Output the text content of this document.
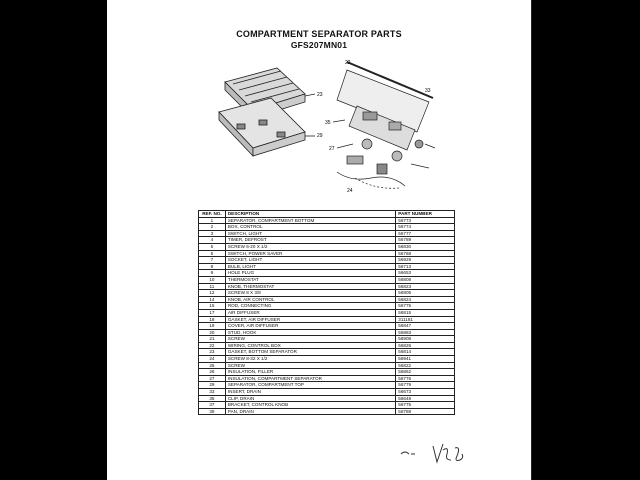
COMPARTMENT SEPARATOR PARTS
GFS207MN01
23
29
22
33
35
27
24
REF. NO.	DESCRIPTION	PART NUMBER
1	SEPARATOR, COMPARTMENT BOTTOM	56773
2	BOX, CONTROL	56774
3	SWITCH, LIGHT	56777
4	TIMER, DEFROST	56789
5	SCREW 6-20 X 1/2	56830
5	SWITCH, POWER SAVER	56768
7	SOCKET, LIGHT	56929
8	BULB, LIGHT	56713
9	HOLE PLUG	56653
10	THERMOSTAT	56808
11	KNOB, THERMOSTAT	56823
12	SCREW 8 X 3/8	56805
14	KNOB, AIR CONTROL	56824
15	ROD, CONNECTING	56775
17	AIR DIFFUSER	56815
18	GASKET, AIR DIFFUSER	311181
19	COVER, AIR DIFFUSER	56847
20	STUD, HOOK	56883
21	SCREW	56908
22	WIRING, CONTROL BOX	56826
23	GASKET, BOTTOM SEPARATOR	56814
24	SCREW 8-32 X 1/2	56941
25	SCREW	56822
26	INSULATION, FILLER	56862
27	INSULATION, COMPARTMENT SEPARATOR	56776
29	SEPARATOR, COMPARTMENT TOP	56779
33	INSERT, DRAIN	56673
35	CLIP, DRAIN	56648
37	BRACKET, CONTROL KNOB	56775
39	PAN, DRAIN	56788
